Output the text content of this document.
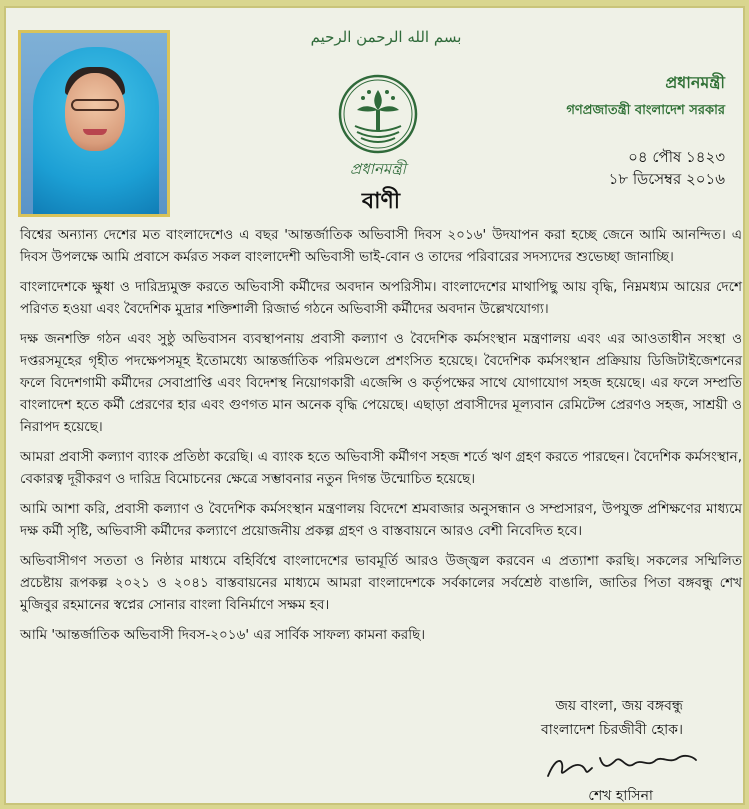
بسم الله الرحمن الرحيم
প্রধানমন্ত্রী
বাণী
প্রধানমন্ত্রী
গণপ্রজাতন্ত্রী বাংলাদেশ সরকার
০৪ পৌষ ১৪২৩
১৮ ডিসেম্বর ২০১৬

বিশ্বের অন্যান্য দেশের মত বাংলাদেশেও এ বছর 'আন্তর্জাতিক অভিবাসী দিবস ২০১৬' উদযাপন করা হচ্ছে জেনে আমি আনন্দিত। এ দিবস উপলক্ষে আমি প্রবাসে কর্মরত সকল বাংলাদেশী অভিবাসী ভাই-বোন ও তাদের পরিবারের সদস্যদের শুভেচ্ছা জানাচ্ছি।

বাংলাদেশকে ক্ষুধা ও দারিদ্র্যমুক্ত করতে অভিবাসী কর্মীদের অবদান অপরিসীম। বাংলাদেশের মাথাপিছু আয় বৃদ্ধি, নিম্নমধ্যম আয়ের দেশে পরিণত হওয়া এবং বৈদেশিক মুদ্রার শক্তিশালী রিজার্ভ গঠনে অভিবাসী কর্মীদের অবদান উল্লেখযোগ্য।

দক্ষ জনশক্তি গঠন এবং সুষ্ঠু অভিবাসন ব্যবস্থাপনায় প্রবাসী কল্যাণ ও বৈদেশিক কর্মসংস্থান মন্ত্রণালয় এবং এর আওতাধীন সংস্থা ও দপ্তরসমূহের গৃহীত পদক্ষেপসমূহ ইতোমধ্যে আন্তর্জাতিক পরিমণ্ডলে প্রশংসিত হয়েছে। বৈদেশিক কর্মসংস্থান প্রক্রিয়ায় ডিজিটাইজেশনের ফলে বিদেশগামী কর্মীদের সেবাপ্রাপ্তি এবং বিদেশস্থ নিয়োগকারী এজেন্সি ও কর্তৃপক্ষের সাথে যোগাযোগ সহজ হয়েছে। এর ফলে সম্প্রতি বাংলাদেশ হতে কর্মী প্রেরণের হার এবং গুণগত মান অনেক বৃদ্ধি পেয়েছে। এছাড়া প্রবাসীদের মূল্যবান রেমিটেন্স প্রেরণও সহজ, সাশ্রয়ী ও নিরাপদ হয়েছে।

আমরা প্রবাসী কল্যাণ ব্যাংক প্রতিষ্ঠা করেছি। এ ব্যাংক হতে অভিবাসী কর্মীগণ সহজ শর্তে ঋণ গ্রহণ করতে পারছেন। বৈদেশিক কর্মসংস্থান, বেকারত্ব দূরীকরণ ও দারিদ্র বিমোচনের ক্ষেত্রে সম্ভাবনার নতুন দিগন্ত উন্মোচিত হয়েছে।

আমি আশা করি, প্রবাসী কল্যাণ ও বৈদেশিক কর্মসংস্থান মন্ত্রণালয় বিদেশে শ্রমবাজার অনুসন্ধান ও সম্প্রসারণ, উপযুক্ত প্রশিক্ষণের মাধ্যমে দক্ষ কর্মী সৃষ্টি, অভিবাসী কর্মীদের কল্যাণে প্রয়োজনীয় প্রকল্প গ্রহণ ও বাস্তবায়নে আরও বেশী নিবেদিত হবে।

অভিবাসীগণ সততা ও নিষ্ঠার মাধ্যমে বহির্বিশ্বে বাংলাদেশের ভাবমূর্তি আরও উজ্জ্বল করবেন এ প্রত্যাশা করছি। সকলের সম্মিলিত প্রচেষ্টায় রূপকল্প ২০২১ ও ২০৪১ বাস্তবায়নের মাধ্যমে আমরা বাংলাদেশকে সর্বকালের সর্বশ্রেষ্ঠ বাঙালি, জাতির পিতা বঙ্গবন্ধু শেখ মুজিবুর রহমানের স্বপ্নের সোনার বাংলা বিনির্মাণে সক্ষম হব।

আমি 'আন্তর্জাতিক অভিবাসী দিবস-২০১৬' এর সার্বিক সাফল্য কামনা করছি।

জয় বাংলা, জয় বঙ্গবন্ধু
বাংলাদেশ চিরজীবী হোক।
শেখ হাসিনা
